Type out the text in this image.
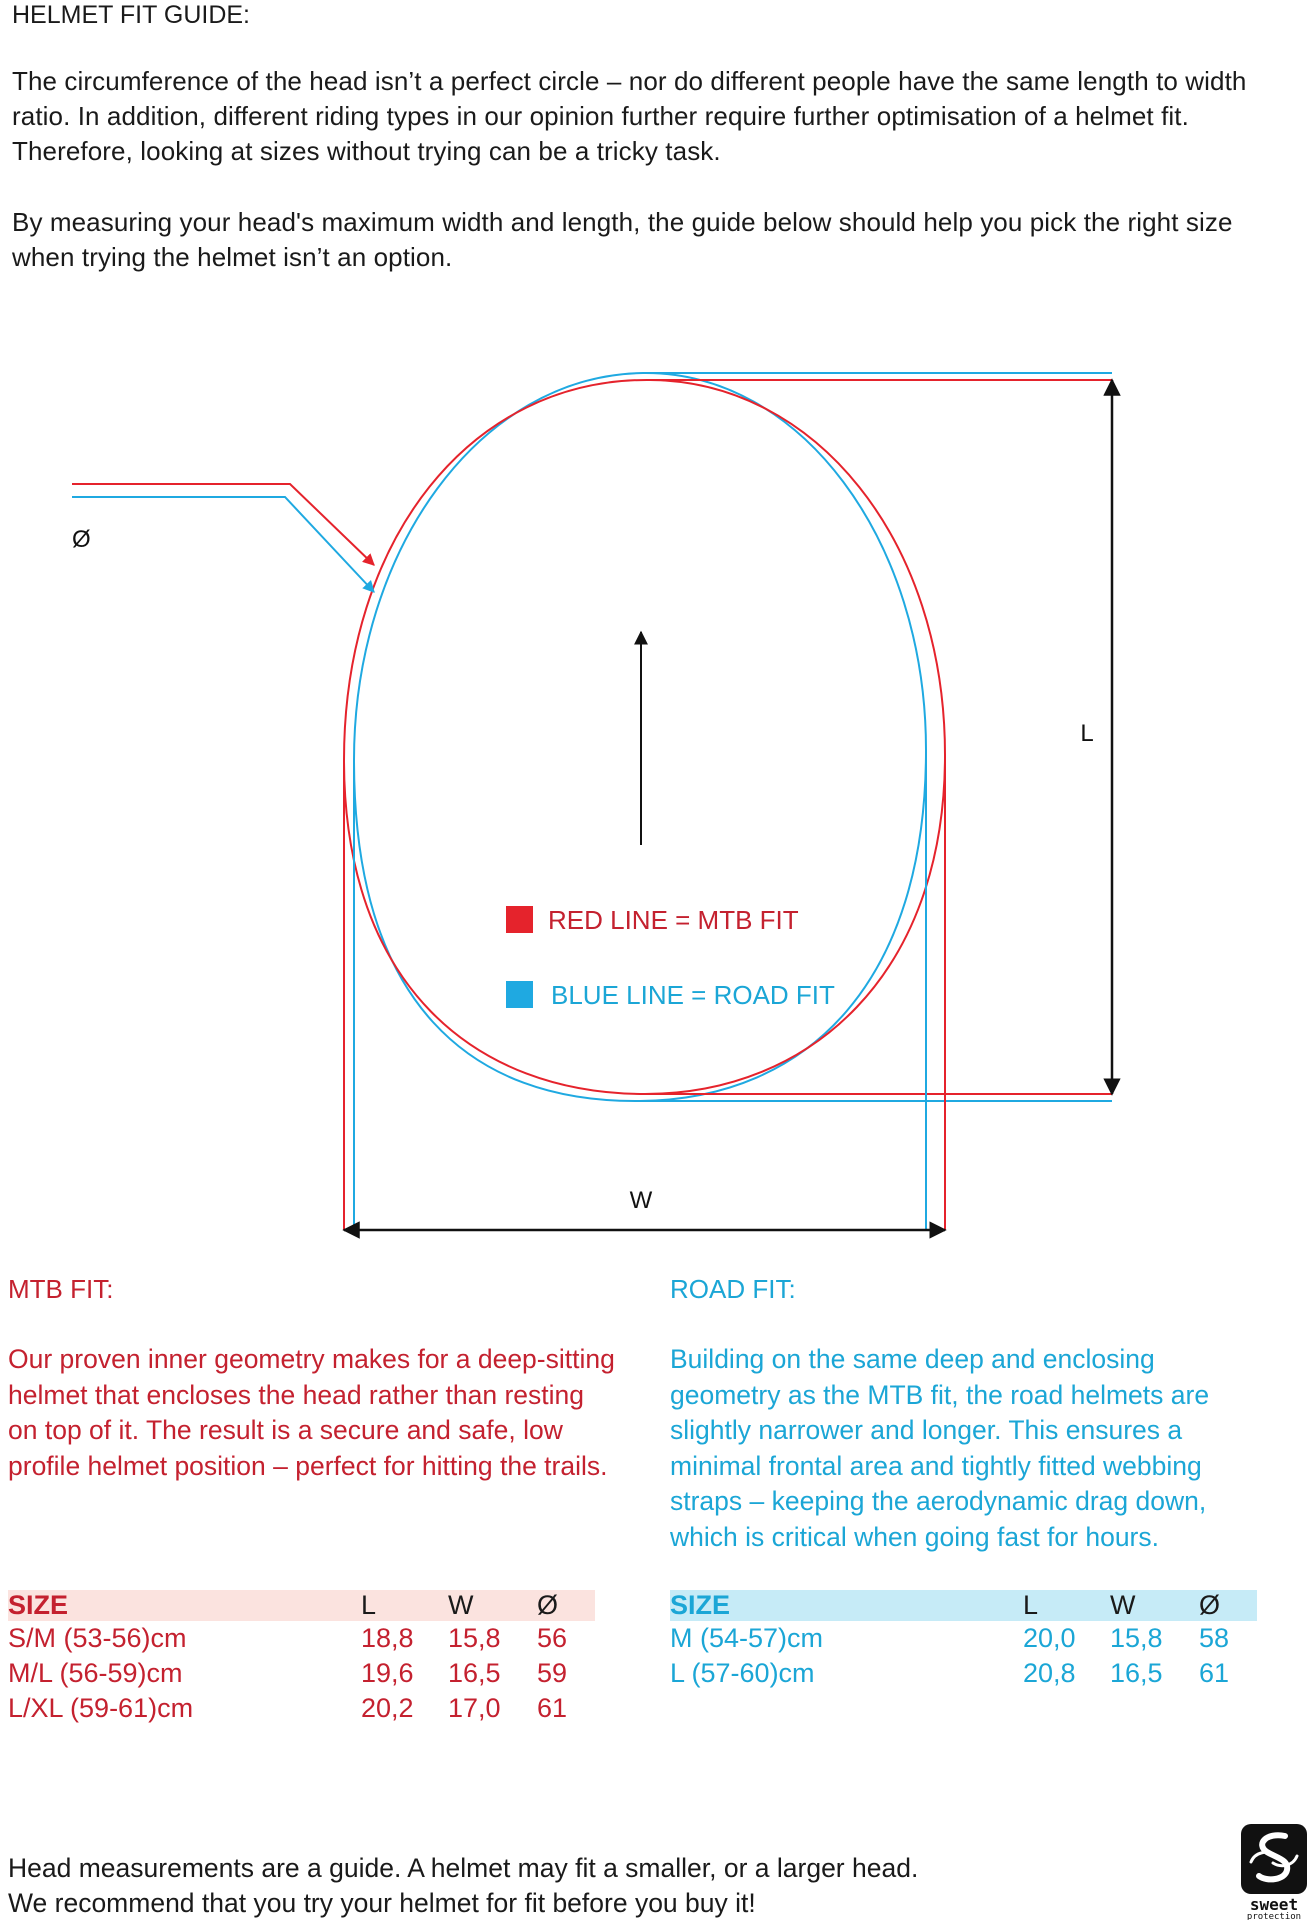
HELMET FIT GUIDE:
The circumference of the head isn’t a perfect circle – nor do different people have the same length to width ratio. In addition, different riding types in our opinion further require further optimisation of a helmet fit. Therefore, looking at sizes without trying can be a tricky task.
By measuring your head's maximum width and length, the guide below should help you pick the right size when trying the helmet isn’t an option.
Ø
L
W
RED LINE = MTB FIT
BLUE LINE = ROAD FIT
MTB FIT:	ROAD FIT:
Our proven inner geometry makes for a deep-sitting helmet that encloses the head rather than resting on top of it. The result is a secure and safe, low profile helmet position – perfect for hitting the trails.
Building on the same deep and enclosing geometry as the MTB fit, the road helmets are slightly narrower and longer. This ensures a minimal frontal area and tightly fitted webbing straps – keeping the aerodynamic drag down, which is critical when going fast for hours.
SIZE	L	W	Ø
S/M (53-56)cm	18,8	15,8	56
M/L (56-59)cm	19,6	16,5	59
L/XL (59-61)cm	20,2	17,0	61
SIZE	L	W	Ø
M (54-57)cm	20,0	15,8	58
L (57-60)cm	20,8	16,5	61
Head measurements are a guide. A helmet may fit a smaller, or a larger head.
We recommend that you try your helmet for fit before you buy it!	sweet
protection
